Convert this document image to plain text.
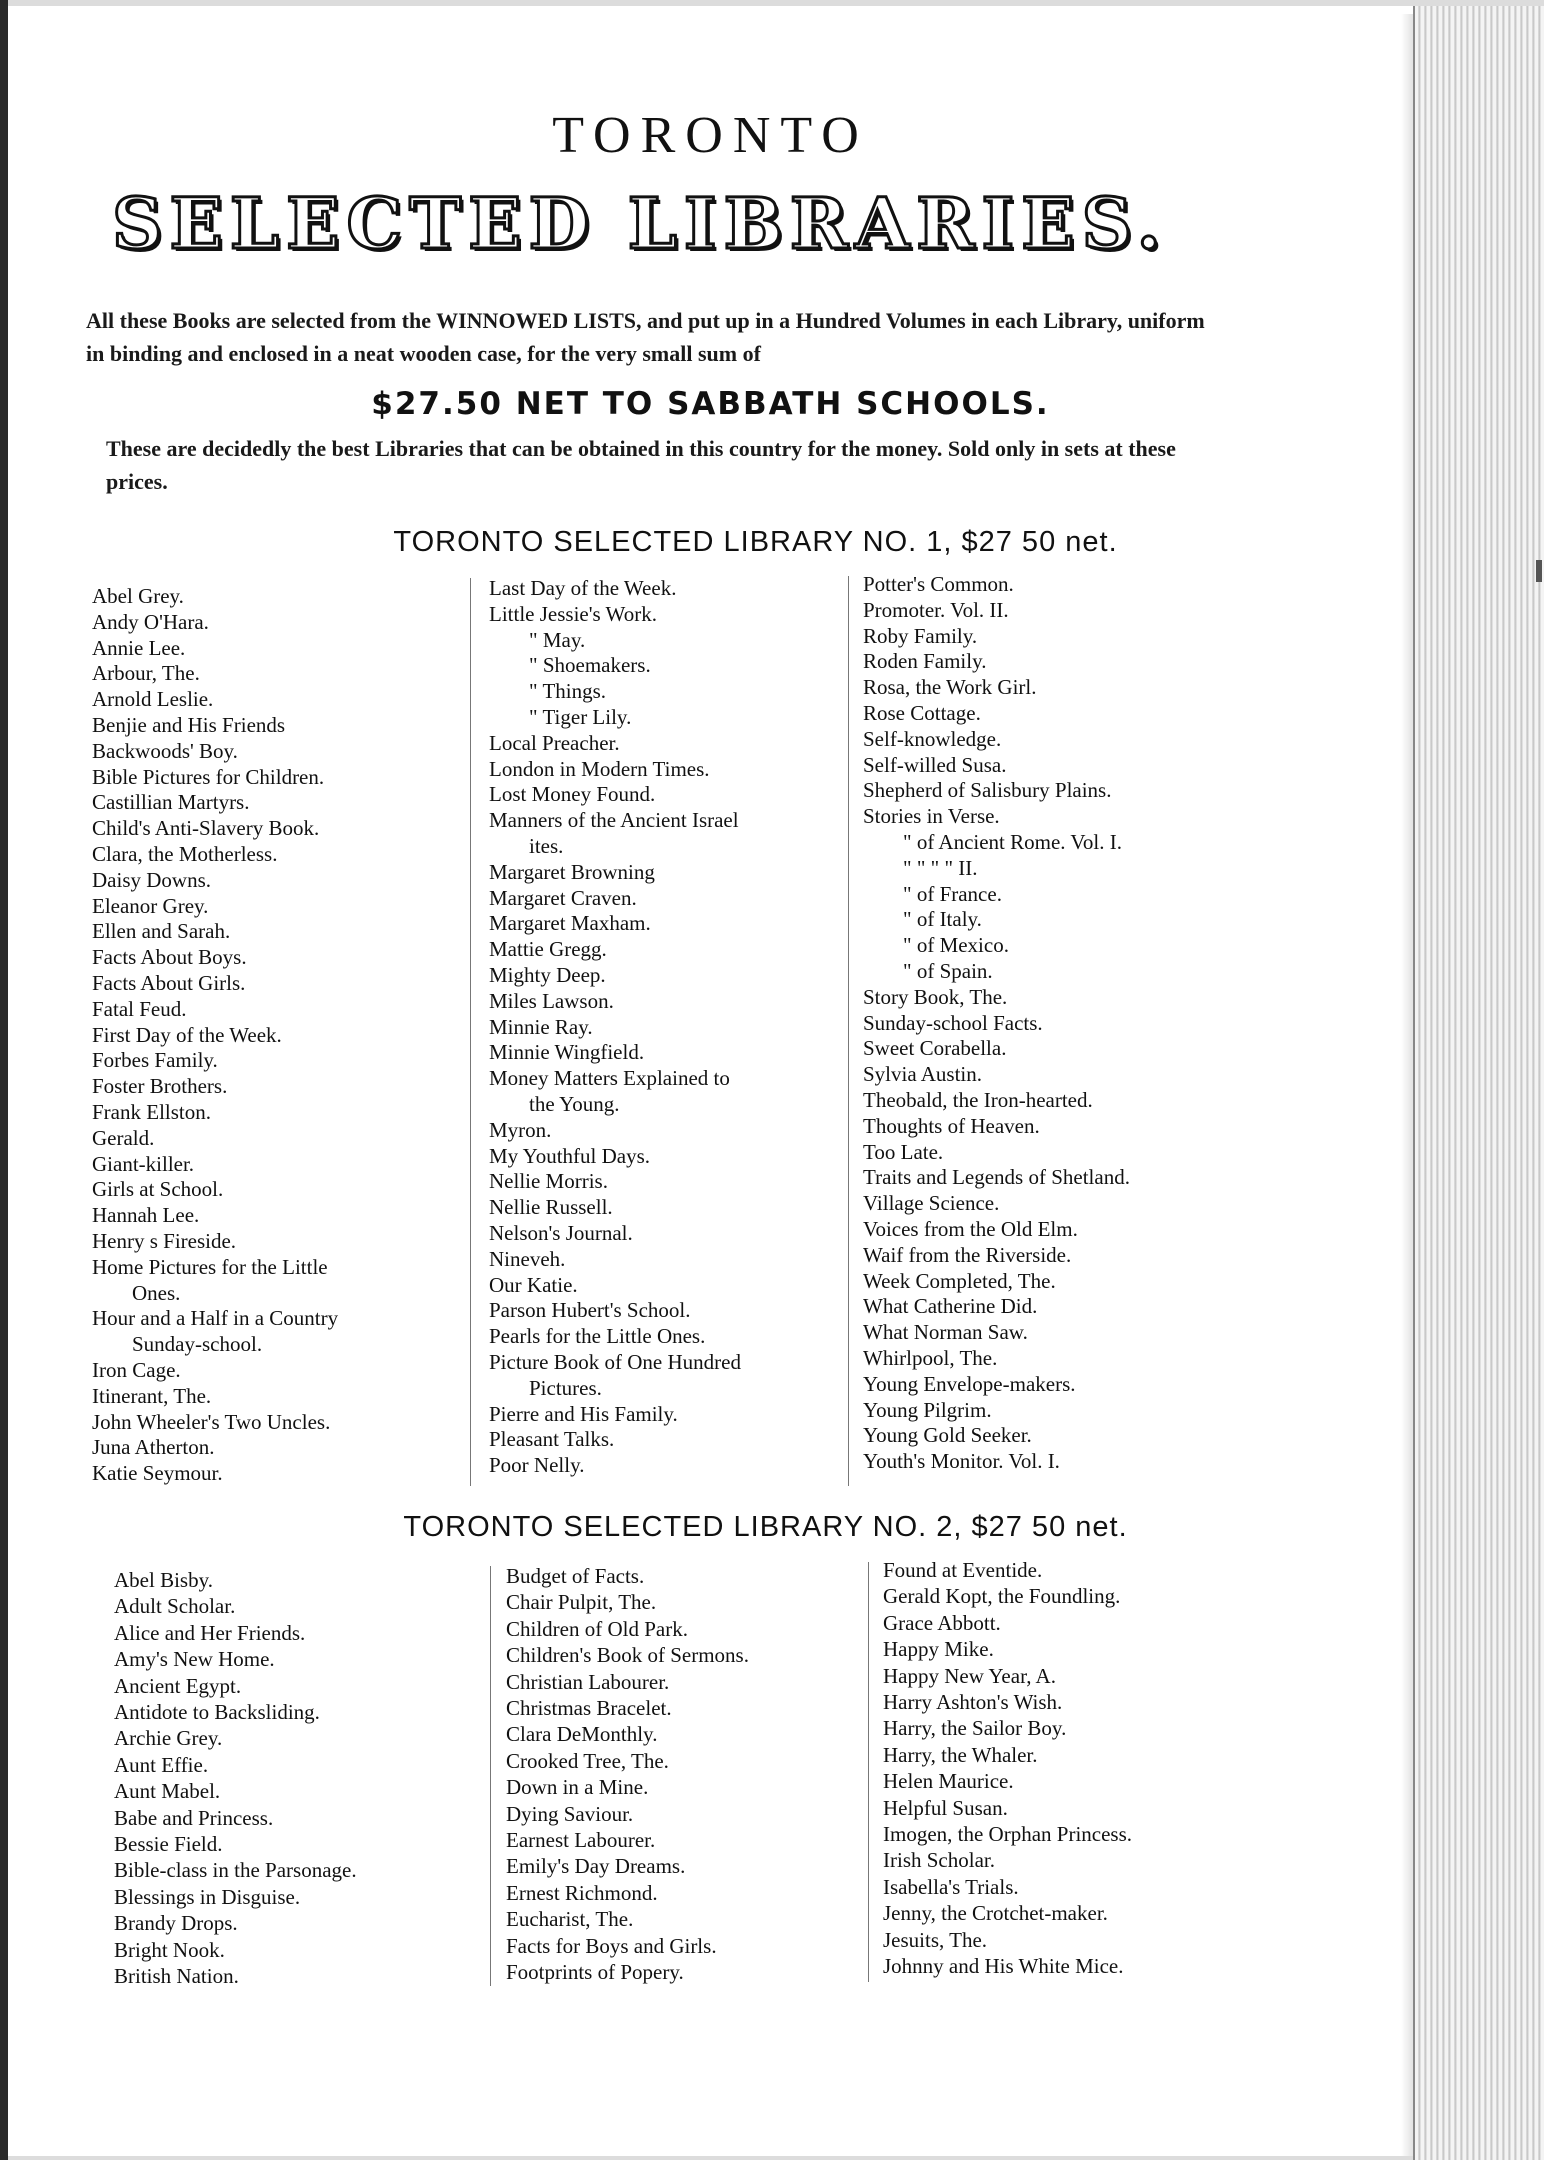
TORONTO
SELECTED LIBRARIES.
All these Books are selected from the WINNOWED LISTS, and put up in a Hundred Volumes in each Library, uniform in binding and enclosed in a neat wooden case, for the very small sum of
$27.50 NET TO SABBATH SCHOOLS.
These are decidedly the best Libraries that can be obtained in this country for the money. Sold only in sets at these prices.
TORONTO SELECTED LIBRARY NO. 1, $27 50 net.
Abel Grey.
Andy O'Hara.
Annie Lee.
Arbour, The.
Arnold Leslie.
Benjie and His Friends
Backwoods' Boy.
Bible Pictures for Children.
Castillian Martyrs.
Child's Anti-Slavery Book.
Clara, the Motherless.
Daisy Downs.
Eleanor Grey.
Ellen and Sarah.
Facts About Boys.
Facts About Girls.
Fatal Feud.
First Day of the Week.
Forbes Family.
Foster Brothers.
Frank Ellston.
Gerald.
Giant-killer.
Girls at School.
Hannah Lee.
Henry s Fireside.
Home Pictures for the Little
Ones.
Hour and a Half in a Country
Sunday-school.
Iron Cage.
Itinerant, The.
John Wheeler's Two Uncles.
Juna Atherton.
Katie Seymour.
Last Day of the Week.
Little Jessie's Work.
" May.
" Shoemakers.
" Things.
" Tiger Lily.
Local Preacher.
London in Modern Times.
Lost Money Found.
Manners of the Ancient Israel
ites.
Margaret Browning
Margaret Craven.
Margaret Maxham.
Mattie Gregg.
Mighty Deep.
Miles Lawson.
Minnie Ray.
Minnie Wingfield.
Money Matters Explained to
the Young.
Myron.
My Youthful Days.
Nellie Morris.
Nellie Russell.
Nelson's Journal.
Nineveh.
Our Katie.
Parson Hubert's School.
Pearls for the Little Ones.
Picture Book of One Hundred
Pictures.
Pierre and His Family.
Pleasant Talks.
Poor Nelly.
Potter's Common.
Promoter. Vol. II.
Roby Family.
Roden Family.
Rosa, the Work Girl.
Rose Cottage.
Self-knowledge.
Self-willed Susa.
Shepherd of Salisbury Plains.
Stories in Verse.
" of Ancient Rome. Vol. I.
" " " " II.
" of France.
" of Italy.
" of Mexico.
" of Spain.
Story Book, The.
Sunday-school Facts.
Sweet Corabella.
Sylvia Austin.
Theobald, the Iron-hearted.
Thoughts of Heaven.
Too Late.
Traits and Legends of Shetland.
Village Science.
Voices from the Old Elm.
Waif from the Riverside.
Week Completed, The.
What Catherine Did.
What Norman Saw.
Whirlpool, The.
Young Envelope-makers.
Young Pilgrim.
Young Gold Seeker.
Youth's Monitor. Vol. I.
TORONTO SELECTED LIBRARY NO. 2, $27 50 net.
Abel Bisby.
Adult Scholar.
Alice and Her Friends.
Amy's New Home.
Ancient Egypt.
Antidote to Backsliding.
Archie Grey.
Aunt Effie.
Aunt Mabel.
Babe and Princess.
Bessie Field.
Bible-class in the Parsonage.
Blessings in Disguise.
Brandy Drops.
Bright Nook.
British Nation.
Budget of Facts.
Chair Pulpit, The.
Children of Old Park.
Children's Book of Sermons.
Christian Labourer.
Christmas Bracelet.
Clara DeMonthly.
Crooked Tree, The.
Down in a Mine.
Dying Saviour.
Earnest Labourer.
Emily's Day Dreams.
Ernest Richmond.
Eucharist, The.
Facts for Boys and Girls.
Footprints of Popery.
Found at Eventide.
Gerald Kopt, the Foundling.
Grace Abbott.
Happy Mike.
Happy New Year, A.
Harry Ashton's Wish.
Harry, the Sailor Boy.
Harry, the Whaler.
Helen Maurice.
Helpful Susan.
Imogen, the Orphan Princess.
Irish Scholar.
Isabella's Trials.
Jenny, the Crotchet-maker.
Jesuits, The.
Johnny and His White Mice.
